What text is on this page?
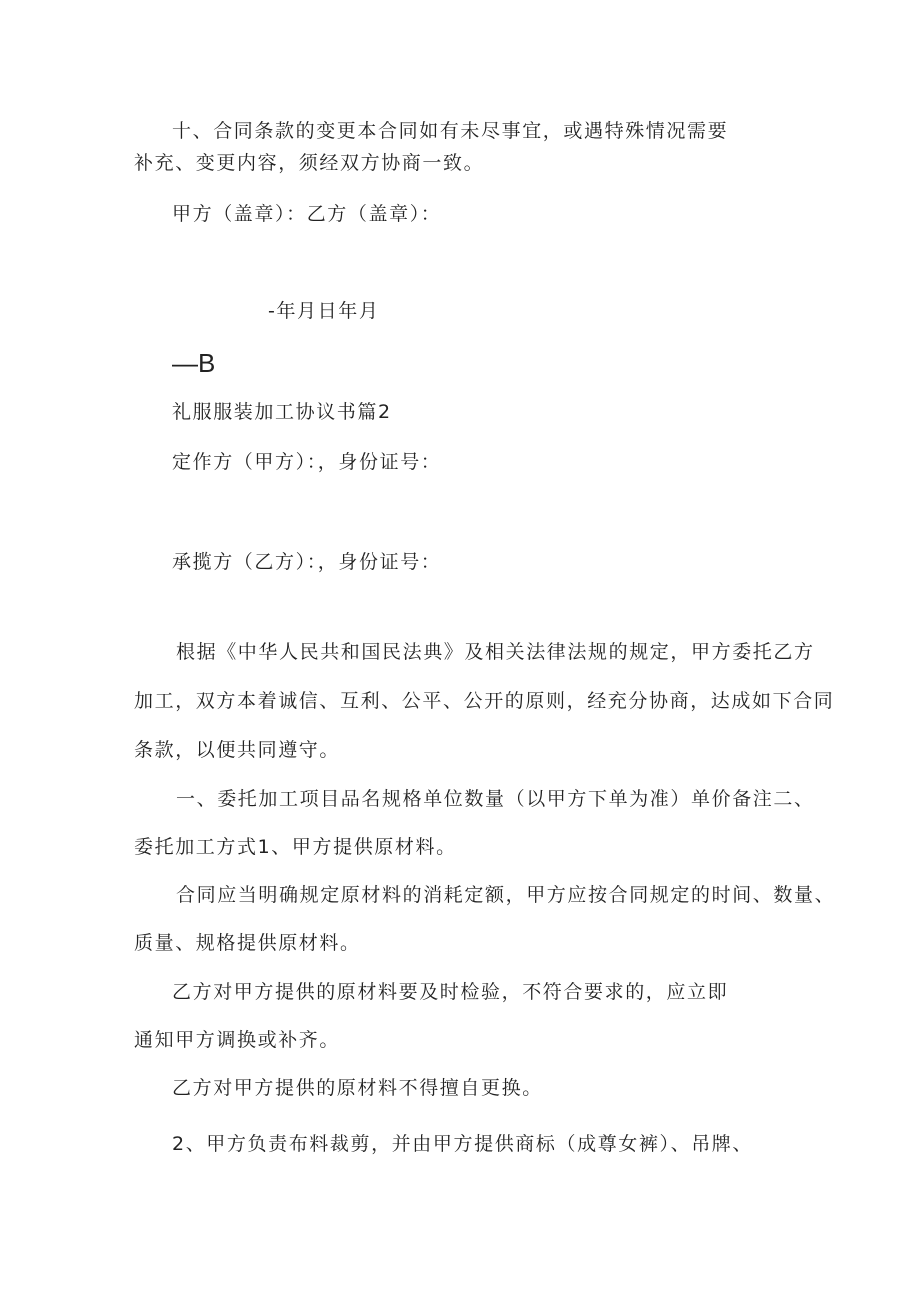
十、合同条款的变更本合同如有未尽事宜，或遇特殊情况需要

补充、变更内容，须经双方协商一致。

甲方（盖章）：乙方（盖章）：

-年月日年月

—B

礼服服装加工协议书篇2

定作方（甲方）：，身份证号：

承揽方（乙方）：，身份证号：

根据《中华人民共和国民法典》及相关法律法规的规定，甲方委托乙方

加工，双方本着诚信、互利、公平、公开的原则，经充分协商，达成如下合同

条款，以便共同遵守。

一、委托加工项目品名规格单位数量（以甲方下单为准）单价备注二、

委托加工方式1、甲方提供原材料。

合同应当明确规定原材料的消耗定额，甲方应按合同规定的时间、数量、

质量、规格提供原材料。

乙方对甲方提供的原材料要及时检验，不符合要求的，应立即

通知甲方调换或补齐。

乙方对甲方提供的原材料不得擅自更换。

2、甲方负责布料裁剪，并由甲方提供商标（成尊女裤）、吊牌、
